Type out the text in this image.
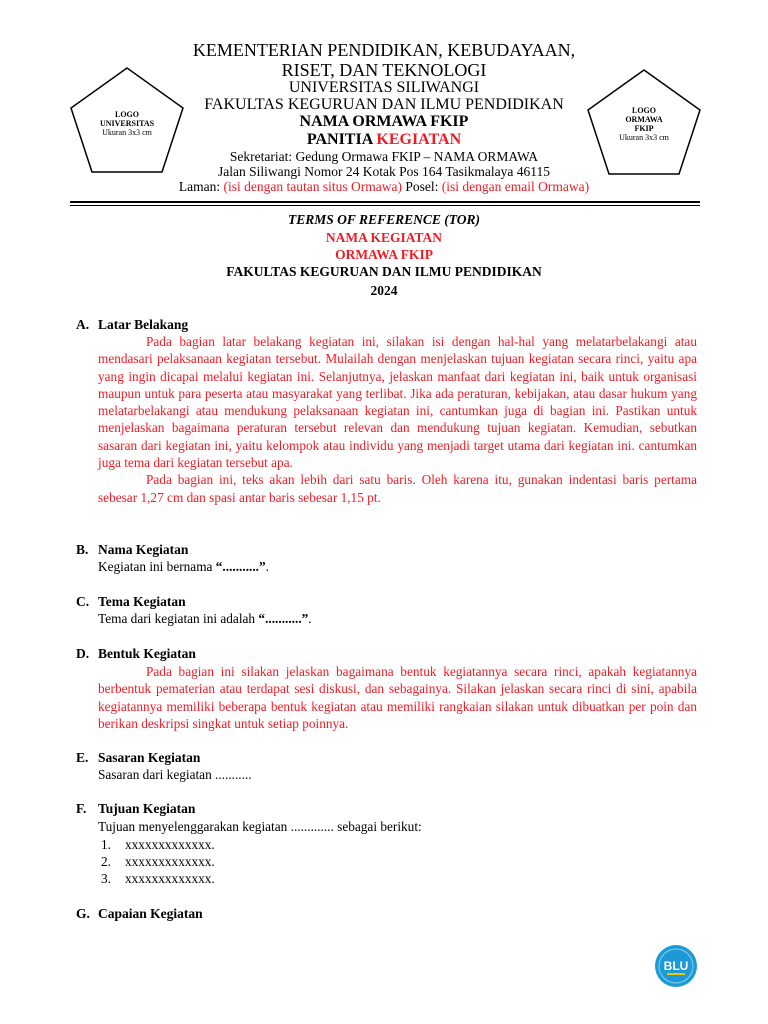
LOGO
UNIVERSITAS
Ukuran 3x3 cm
LOGO
ORMAWA
FKIP
Ukuran 3x3 cm
KEMENTERIAN PENDIDIKAN, KEBUDAYAAN,
RISET, DAN TEKNOLOGI
UNIVERSITAS SILIWANGI
FAKULTAS KEGURUAN DAN ILMU PENDIDIKAN
NAMA ORMAWA FKIP
PANITIA KEGIATAN
Sekretariat: Gedung Ormawa FKIP – NAMA ORMAWA
Jalan Siliwangi Nomor 24 Kotak Pos 164 Tasikmalaya 46115
Laman: (isi dengan tautan situs Ormawa) Posel: (isi dengan email Ormawa)
TERMS OF REFERENCE (TOR)
NAMA KEGIATAN
ORMAWA FKIP
FAKULTAS KEGURUAN DAN ILMU PENDIDIKAN
2024
A. Latar Belakang

Pada bagian latar belakang kegiatan ini, silakan isi dengan hal-hal yang melatarbelakangi atau mendasari pelaksanaan kegiatan tersebut. Mulailah dengan menjelaskan tujuan kegiatan secara rinci, yaitu apa yang ingin dicapai melalui kegiatan ini. Selanjutnya, jelaskan manfaat dari kegiatan ini, baik untuk organisasi maupun untuk para peserta atau masyarakat yang terlibat. Jika ada peraturan, kebijakan, atau dasar hukum yang melatarbelakangi atau mendukung pelaksanaan kegiatan ini, cantumkan juga di bagian ini. Pastikan untuk menjelaskan bagaimana peraturan tersebut relevan dan mendukung tujuan kegiatan. Kemudian, sebutkan sasaran dari kegiatan ini, yaitu kelompok atau individu yang menjadi target utama dari kegiatan ini. cantumkan juga tema dari kegiatan tersebut apa.

Pada bagian ini, teks akan lebih dari satu baris. Oleh karena itu, gunakan indentasi baris pertama sebesar 1,27 cm dan spasi antar baris sebesar 1,15 pt.

B. Nama Kegiatan
Kegiatan ini bernama “...........”.
C. Tema Kegiatan
Tema dari kegiatan ini adalah “...........”.
D. Bentuk Kegiatan

Pada bagian ini silakan jelaskan bagaimana bentuk kegiatannya secara rinci, apakah kegiatannya berbentuk pematerian atau terdapat sesi diskusi, dan sebagainya. Silakan jelaskan secara rinci di sini, apabila kegiatannya memiliki beberapa bentuk kegiatan atau memiliki rangkaian silakan untuk dibuatkan per poin dan berikan deskripsi singkat untuk setiap poinnya.

E. Sasaran Kegiatan
Sasaran dari kegiatan ...........
F. Tujuan Kegiatan
Tujuan menyelenggarakan kegiatan ............. sebagai berikut:
1. xxxxxxxxxxxxx.
2. xxxxxxxxxxxxx.
3. xxxxxxxxxxxxx.
G. Capaian Kegiatan
BLU
